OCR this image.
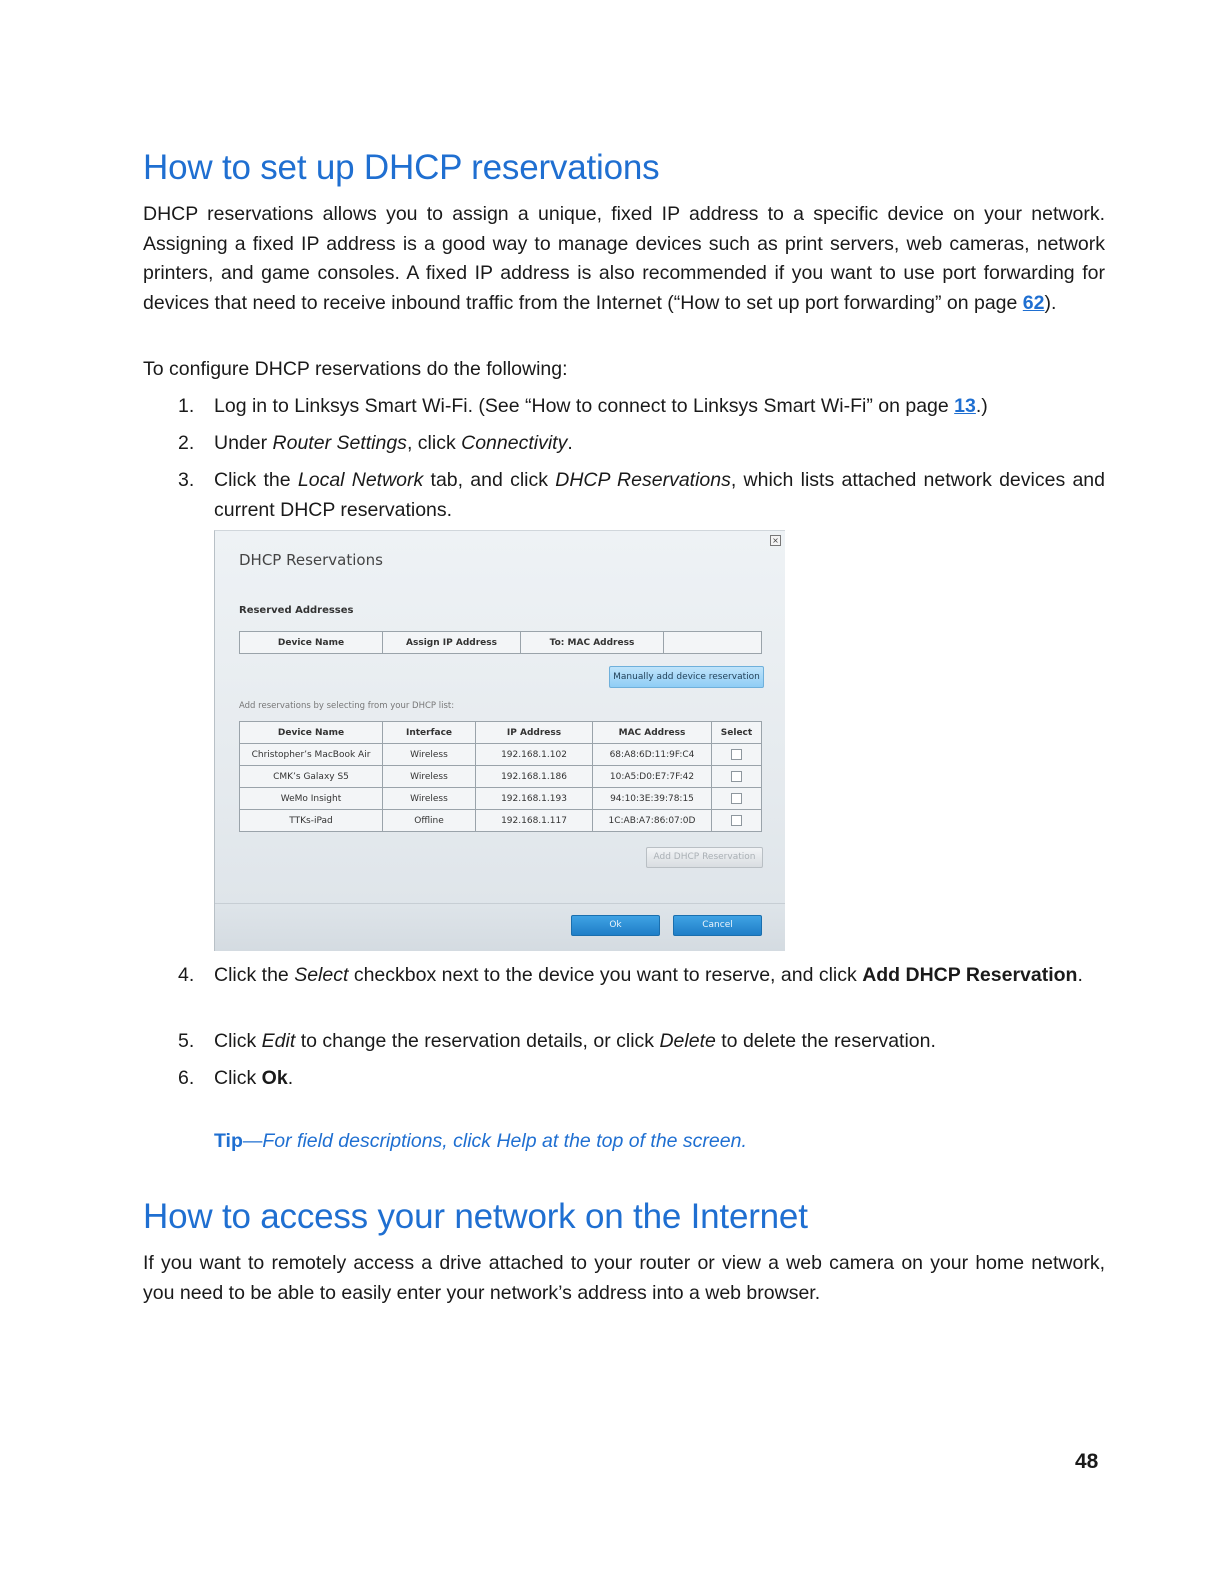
How to set up DHCP reservations

DHCP reservations allows you to assign a unique, fixed IP address to a specific device on your network. Assigning a fixed IP address is a good way to manage devices such as print servers, web cameras, network printers, and game consoles. A fixed IP address is also recommended if you want to use port forwarding for devices that need to receive inbound traffic from the Internet (“How to set up port forwarding” on page 62).

To configure DHCP reservations do the following:

1. Log in to Linksys Smart Wi-Fi. (See “How to connect to Linksys Smart Wi-Fi” on page 13.)
2. Under Router Settings, click Connectivity.
3. Click the Local Network tab, and click DHCP Reservations, which lists attached network devices and current DHCP reservations.
×
DHCP Reservations
Reserved Addresses
Device Name	Assign IP Address	To: MAC Address	
Manually add device reservation
Add reservations by selecting from your DHCP list:
Device Name	Interface	IP Address	MAC Address	Select
Christopher’s MacBook Air	Wireless	192.168.1.102	68:A8:6D:11:9F:C4	
CMK’s Galaxy S5	Wireless	192.168.1.186	10:A5:D0:E7:7F:42	
WeMo Insight	Wireless	192.168.1.193	94:10:3E:39:78:15	
TTKs-iPad	Offline	192.168.1.117	1C:AB:A7:86:07:0D	
Add DHCP Reservation
Ok	Cancel
4. Click the Select checkbox next to the device you want to reserve, and click Add DHCP Reservation.
5. Click Edit to change the reservation details, or click Delete to delete the reservation.
6. Click Ok.
Tip—For field descriptions, click Help at the top of the screen.
How to access your network on the Internet

If you want to remotely access a drive attached to your router or view a web camera on your home network, you need to be able to easily enter your network’s address into a web browser.

48
